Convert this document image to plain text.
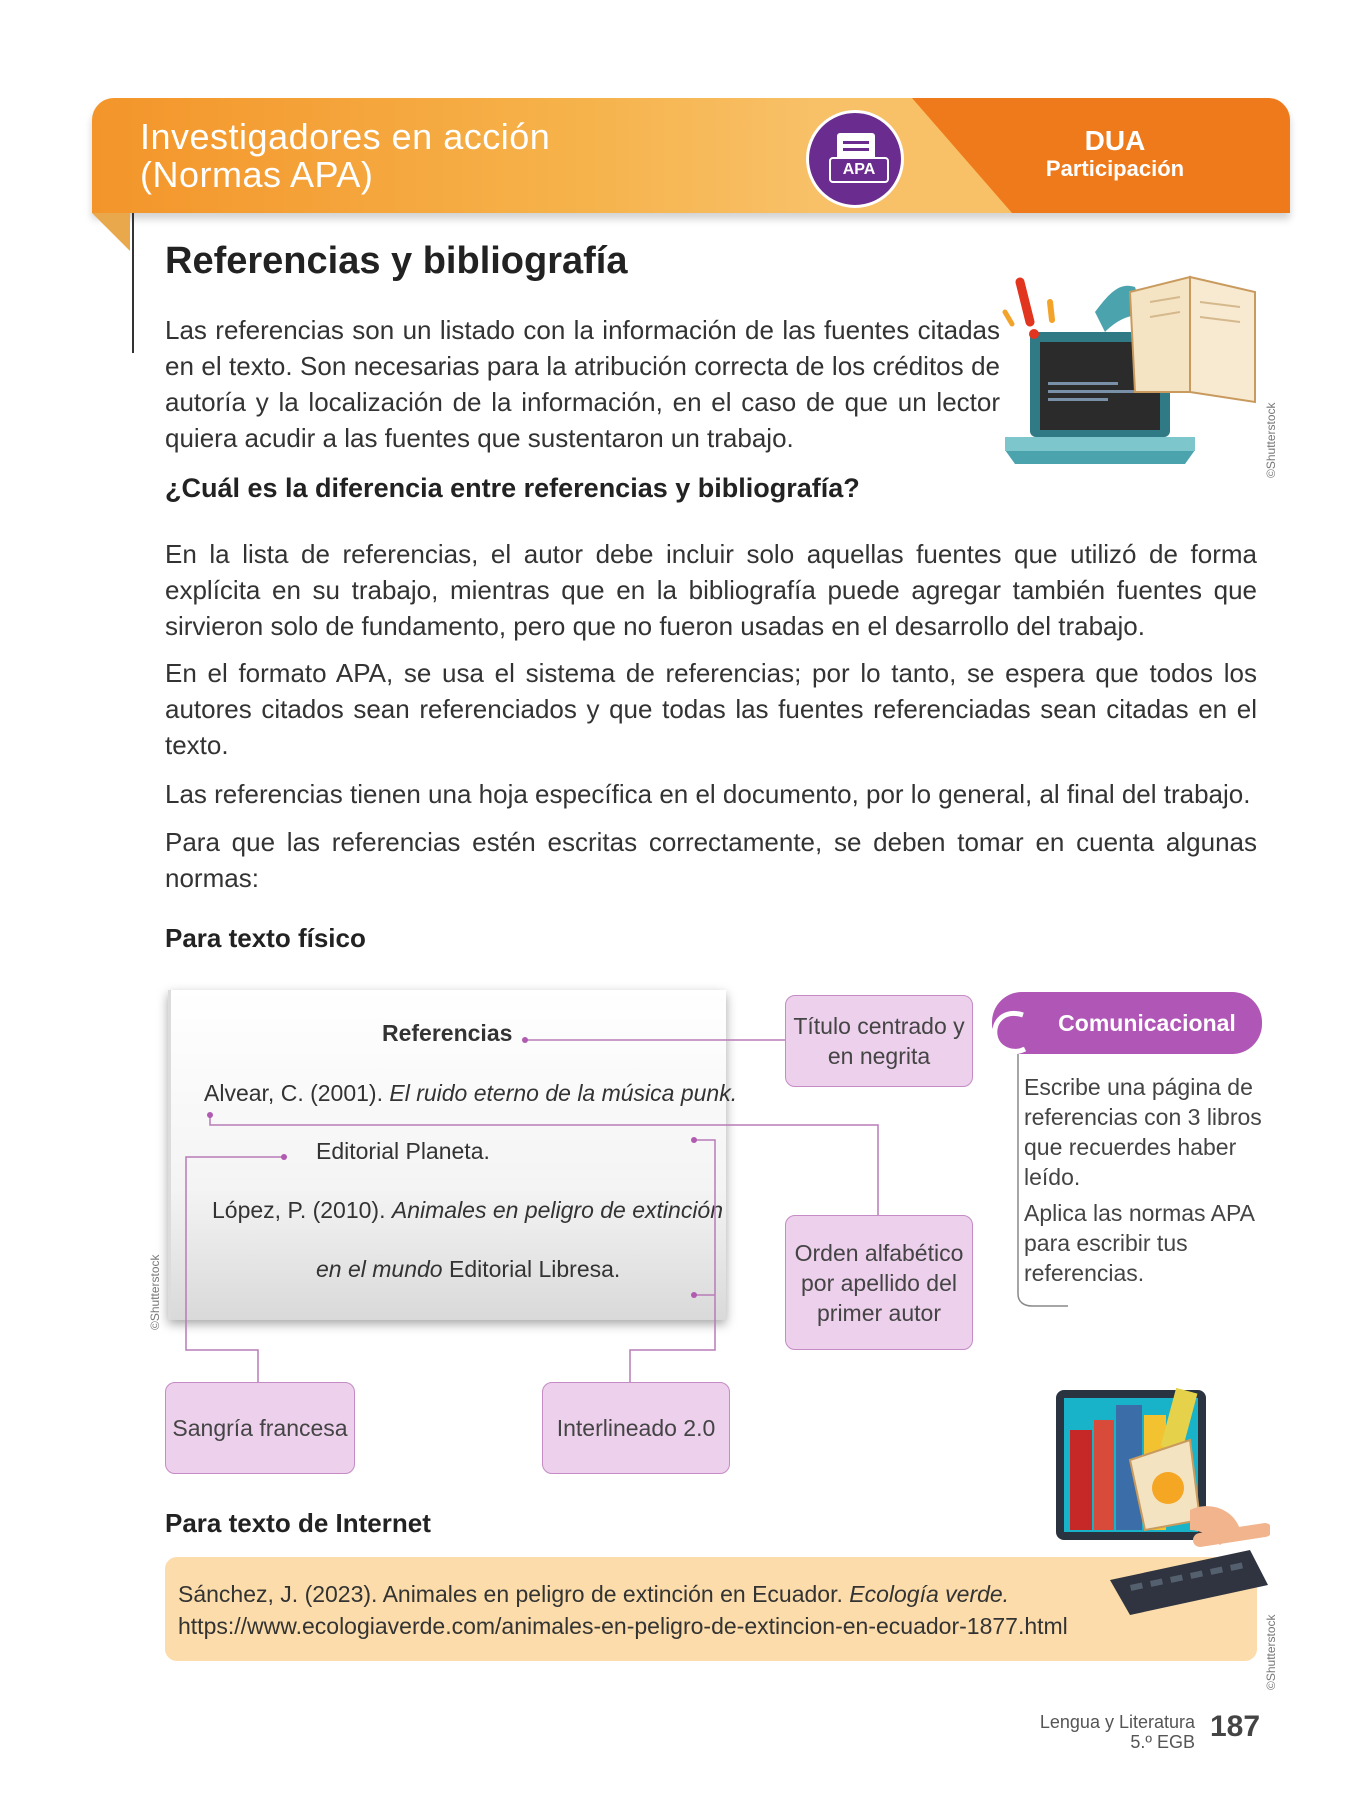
Investigadores en acción
(Normas APA)	APA
DUA
Participación
Referencias y bibliografía

Las referencias son un listado con la información de las fuentes citadas en el texto. Son necesarias para la atribución correcta de los créditos de autoría y la localización de la información, en el caso de que un lector quiera acudir a las fuentes que sustentaron un trabajo.	©Shutterstock
¿Cuál es la diferencia entre referencias y bibliografía?

En la lista de referencias, el autor debe incluir solo aquellas fuentes que utilizó de forma explícita en su trabajo, mientras que en la bibliografía puede agregar también fuentes que sirvieron solo de fundamento, pero que no fueron usadas en el desarrollo del trabajo.

En el formato APA, se usa el sistema de referencias; por lo tanto, se espera que todos los autores citados sean referenciados y que todas las fuentes referenciadas sean citadas en el texto.

Las referencias tienen una hoja específica en el documento, por lo general, al final del trabajo.

Para que las referencias estén escritas correctamente, se deben tomar en cuenta algunas normas:

Para texto físico
Referencias
Alvear, C. (2001). El ruido eterno de la música punk.
Editorial Planeta.
López, P. (2010). Animales en peligro de extinción
en el mundo Editorial Libresa.
©Shutterstock
Título centrado y en negrita
Orden alfabético por apellido del primer autor
Sangría francesa	Interlineado 2.0
Comunicacional
Escribe una página de referencias con 3 libros que recuerdes haber leído.
Aplica las normas APA para escribir tus referencias.
Para texto de Internet
Sánchez, J. (2023). Animales en peligro de extinción en Ecuador. Ecología verde.
https://www.ecologiaverde.com/animales-en-peligro-de-extincion-en-ecuador-1877.html	©Shutterstock
Lengua y Literatura
5.º EGB 187
